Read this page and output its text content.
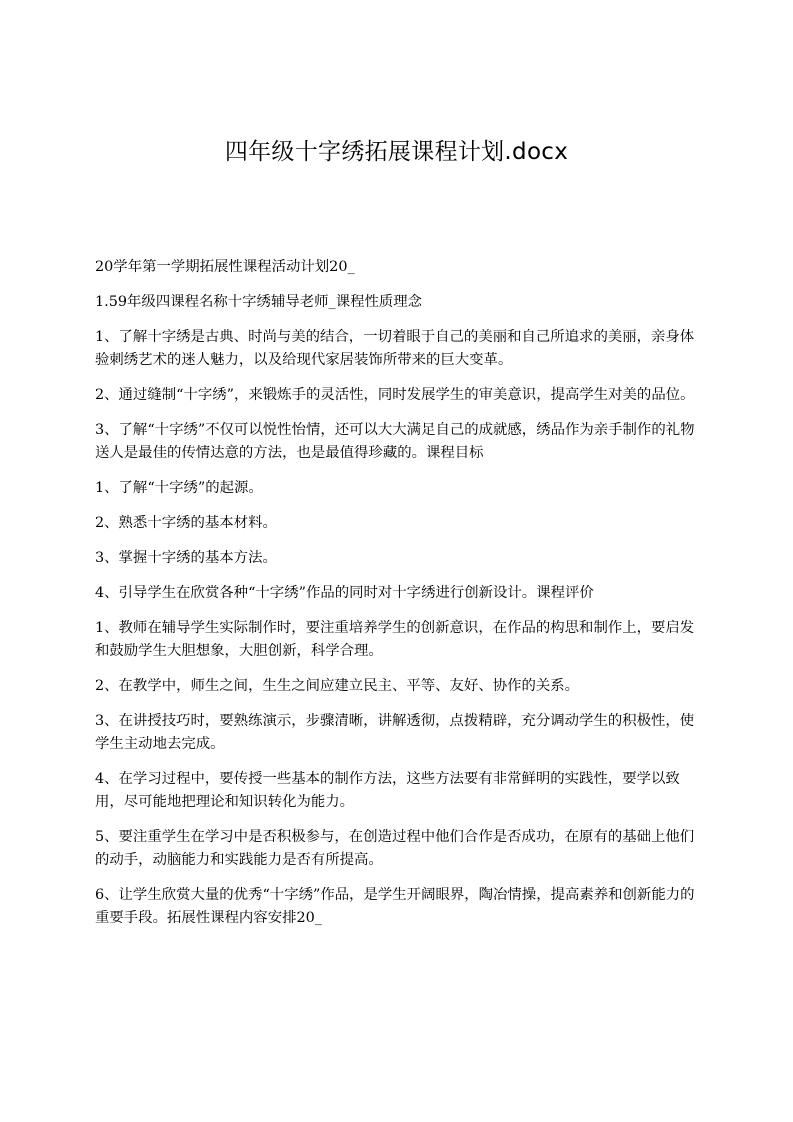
四年级十字绣拓展课程计划.docx

20学年第一学期拓展性课程活动计划20_

1.59年级四课程名称十字绣辅导老师_课程性质理念

1、了解十字绣是古典、时尚与美的结合，一切着眼于自己的美丽和自己所追求的美丽，亲身体验刺绣艺术的迷人魅力，以及给现代家居装饰所带来的巨大变革。

2、通过缝制“十字绣”，来锻炼手的灵活性，同时发展学生的审美意识，提高学生对美的品位。

3、了解“十字绣”不仅可以悦性怡情，还可以大大满足自己的成就感，绣品作为亲手制作的礼物送人是最佳的传情达意的方法，也是最值得珍藏的。课程目标

1、了解“十字绣”的起源。

2、熟悉十字绣的基本材料。

3、掌握十字绣的基本方法。

4、引导学生在欣赏各种“十字绣”作品的同时对十字绣进行创新设计。课程评价

1、教师在辅导学生实际制作时，要注重培养学生的创新意识，在作品的构思和制作上，要启发和鼓励学生大胆想象，大胆创新，科学合理。

2、在教学中，师生之间，生生之间应建立民主、平等、友好、协作的关系。

3、在讲授技巧时，要熟练演示，步骤清晰，讲解透彻，点拨精辟，充分调动学生的积极性，使学生主动地去完成。

4、在学习过程中，要传授一些基本的制作方法，这些方法要有非常鲜明的实践性，要学以致用，尽可能地把理论和知识转化为能力。

5、要注重学生在学习中是否积极参与，在创造过程中他们合作是否成功，在原有的基础上他们的动手，动脑能力和实践能力是否有所提高。

6、让学生欣赏大量的优秀“十字绣”作品，是学生开阔眼界，陶冶情操，提高素养和创新能力的重要手段。拓展性课程内容安排20_
